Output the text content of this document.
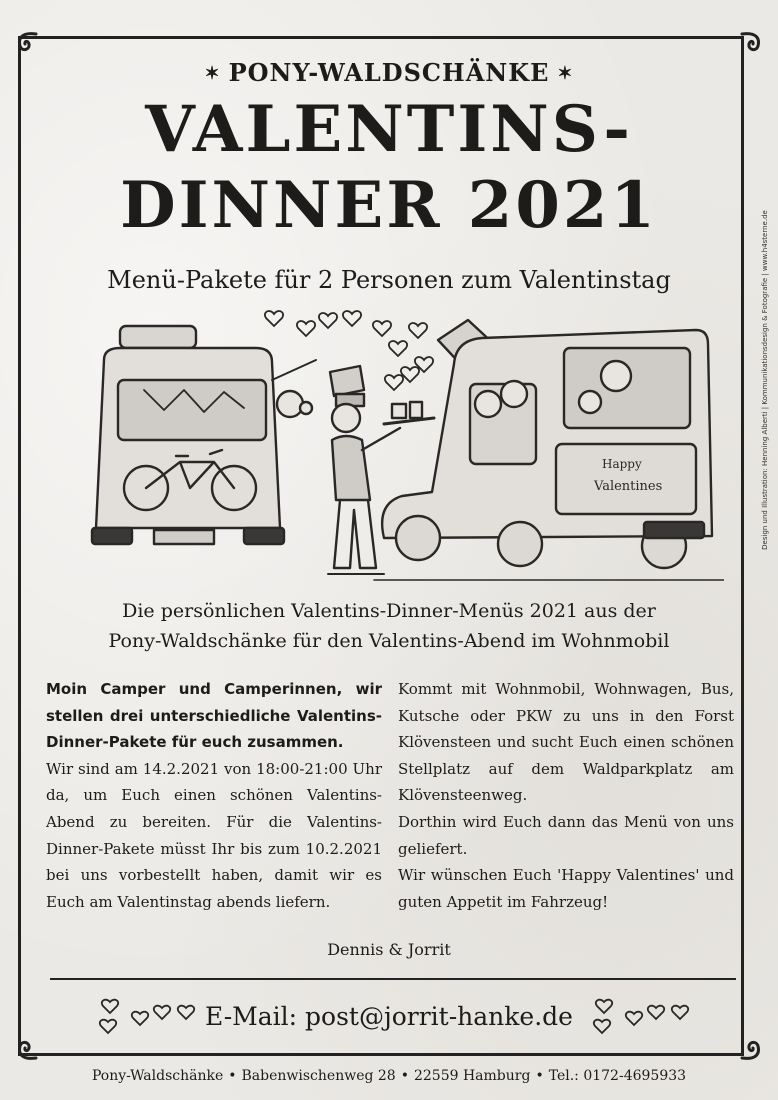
Design und Illustration: Henning Alberti | Kommunikationsdesign & Fotografie | www.h4sterne.de
✶ PONY-WALDSCHÄNKE ✶
VALENTINS-
DINNER 2021
Menü-Pakete für 2 Personen zum Valentinstag
Happy
Valentines
Die persönlichen Valentins-Dinner-Menüs 2021 aus der
Pony-Waldschänke für den Valentins-Abend im Wohnmobil

Moin Camper und Camperinnen, wir stellen drei unterschiedliche Valentins-Dinner-Pakete für euch zusammen.

Wir sind am 14.2.2021 von 18:00-21:00 Uhr da, um Euch einen schönen Valentins-Abend zu bereiten. Für die Valentins-Dinner-Pakete müsst Ihr bis zum 10.2.2021 bei uns vorbestellt haben, damit wir es Euch am Valentinstag abends liefern.

Kommt mit Wohnmobil, Wohnwagen, Bus, Kutsche oder PKW zu uns in den Forst Klövensteen und sucht Euch einen schönen Stellplatz auf dem Waldparkplatz am Klövensteenweg.

Dorthin wird Euch dann das Menü von uns geliefert.

Wir wünschen Euch 'Happy Valentines' und guten Appetit im Fahrzeug!

Dennis & Jorrit
E-Mail: post@jorrit-hanke.de
Pony-Waldschänke • Babenwischenweg 28 • 22559 Hamburg • Tel.: 0172-4695933
